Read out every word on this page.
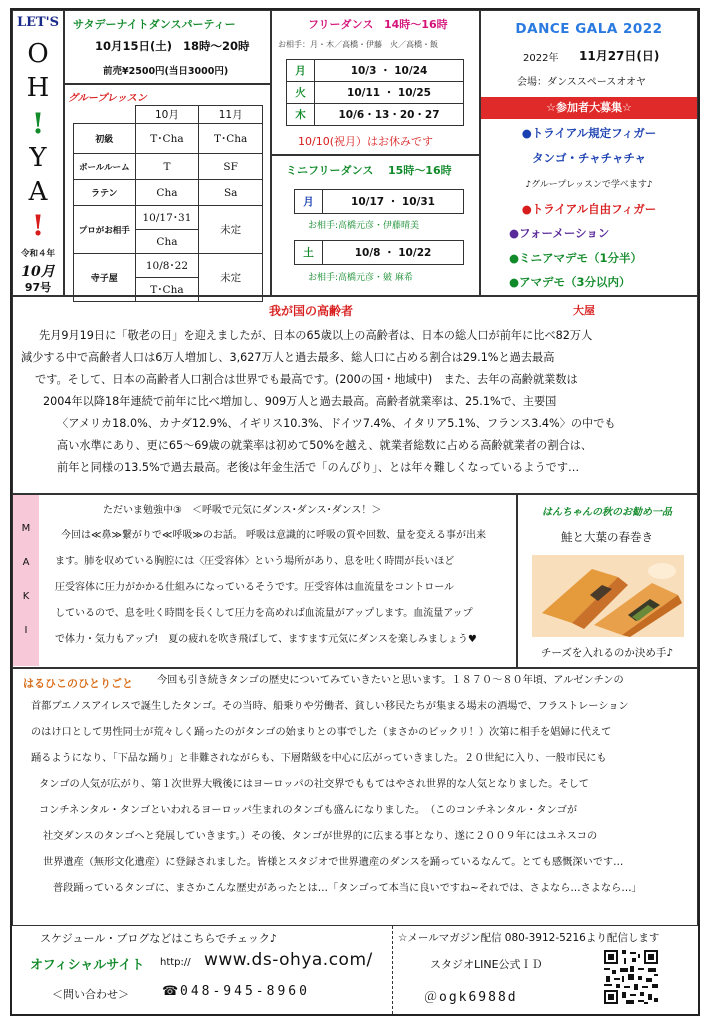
LET'S
O
H
!
Y
A
!
令和４年
10月
97号
サタデーナイトダンスパーティー
10月15日(土) 18時～20時
前売¥2500円(当日3000円)
グループレッスン
	10月	11月
初級	T･Cha	T･Cha
ボールルーム	T	SF
ラテン	Cha	Sa
プロがお相手	10/17･31	未定
	Cha	
寺子屋	10/8･22	未定
	T･Cha	
フリーダンス 14時～16時
お相手：月・木／高橋・伊藤　火／高橋・飯
月	10/3 ・ 10/24
火	10/11 ・ 10/25
木	10/6・13・20・27
10/10(祝月）はお休みです
ミニフリーダンス 15時～16時
月	10/17 ・ 10/31
お相手:高橋元彦・伊藤晴美
土	10/8 ・ 10/22
お相手:高橋元彦・皴 麻希
DANCE GALA 2022
2022年 11月27日(日)
会場：ダンススペースオオヤ
☆参加者大募集☆
●トライアル規定フィガー
タンゴ・チャチャチャ
♪グループレッスンで学べます♪
●トライアル自由フィガー
●フォーメーション
●ミニアマデモ（1分半）
●アマデモ（3分以内）
我が国の高齢者	大屋
先月9月19日に「敬老の日」を迎えましたが、日本の65歳以上の高齢者は、日本の総人口が前年に比べ82万人
減少する中で高齢者人口は6万人増加し、3,627万人と過去最多、総人口に占める割合は29.1%と過去最高
です。そして、日本の高齢者人口割合は世界でも最高です。(200の国・地域中)　また、去年の高齢就業数は
2004年以降18年連続で前年に比べ増加し、909万人と過去最高。高齢者就業率は、25.1%で、主要国
〈アメリカ18.0%、カナダ12.9%、イギリス10.3%、ドイツ7.4%、イタリア5.1%、フランス3.4%〉の中でも
高い水準にあり、更に65～69歳の就業率は初めて50%を越え、就業者総数に占める高齢就業者の割合は、
前年と同様の13.5%で過去最高。老後は年金生活で「のんびり」、とは年々難しくなっているようです…
M
A
K
I
ただいま勉強中③　＜呼吸で元気にダンス･ダンス･ダンス！＞
今回は≪鼻≫繋がりで≪呼吸≫のお話。 呼吸は意識的に呼吸の質や回数、量を変える事が出来
ます。肺を収めている胸腔には〈圧受容体〉という場所があり、息を吐く時間が長いほど
圧受容体に圧力がかかる仕組みになっているそうです。圧受容体は血流量をコントロール
しているので、息を吐く時間を長くして圧力を高めれば血流量がアップします。血流量アップ
で体力・気力もアップ!　夏の疲れを吹き飛ばして、ますます元気にダンスを楽しみましょう♥
はんちゃんの秋のお勧め一品
鮭と大葉の春巻き
チーズを入れるのか決め手♪
はるひこのひとりごと 今回も引き続きタンゴの歴史についてみていきたいと思います。１８７０～８０年頃、アルゼンチンの
首都ブエノスアイレスで誕生したタンゴ。その当時、船乗りや労働者、貧しい移民たちが集まる場末の酒場で、フラストレーション
のはけ口として男性同士が荒々しく踊ったのがタンゴの始まりとの事でした（まさかのビックリ！）次第に相手を娼婦に代えて
踊るようになり、「下品な踊り」と非難されながらも、下層階級を中心に広がっていきました。２０世紀に入り、一般市民にも
タンゴの人気が広がり、第１次世界大戦後にはヨーロッパの社交界でももてはやされ世界的な人気となりました。そして
コンチネンタル・タンゴといわれるヨーロッパ生まれのタンゴも盛んになりました。　（このコンチネンタル・タンゴが
社交ダンスのタンゴへと発展していきます。）その後、タンゴが世界的に広まる事となり、遂に２００９年にはユネスコの
世界遺産（無形文化遺産）に登録されました。皆様とスタジオで世界遺産のダンスを踊っているなんて。とても感慨深いです…
普段踊っているタンゴに、まさかこんな歴史があったとは…「タンゴって本当に良いですね~それでは、さよなら…さよなら…」
スケジュール・ブログなどはこちらでチェック♪
オフィシャルサイト http:// www.ds-ohya.com/
＜問い合わせ＞	☎ 048-945-8960
☆メールマガジン配信 080-3912-5216より配信します
スタジオLINE公式ＩＤ
＠ogk6988d
